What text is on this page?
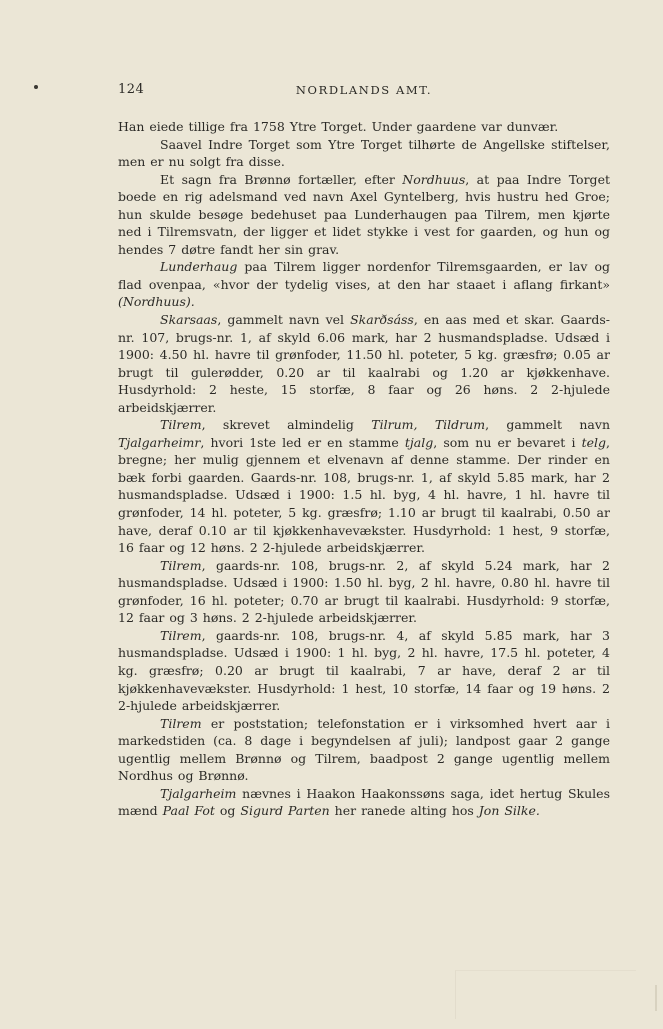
124	NORDLANDS AMT.

Han eiede tillige fra 1758 Ytre Torget. Under gaardene var dunvær.

Saavel Indre Torget som Ytre Torget tilhørte de Angellske stiftelser, men er nu solgt fra disse.

Et sagn fra Brønnø fortæller, efter Nordhuus, at paa Indre Torget boede en rig adelsmand ved navn Axel Gyntelberg, hvis hustru hed Groe; hun skulde besøge bedehuset paa Lunderhaugen paa Tilrem, men kjørte ned i Tilremsvatn, der ligger et lidet stykke i vest for gaarden, og hun og hendes 7 døtre fandt her sin grav.

Lunderhaug paa Tilrem ligger nordenfor Tilremsgaarden, er lav og flad ovenpaa, «hvor der tydelig vises, at den har staaet i aflang firkant» (Nordhuus).

Skarsaas, gammelt navn vel Skarðsáss, en aas med et skar. Gaards-nr. 107, brugs-nr. 1, af skyld 6.06 mark, har 2 husmandspladse. Udsæd i 1900: 4.50 hl. havre til grønfoder, 11.50 hl. poteter, 5 kg. græsfrø; 0.05 ar brugt til gulerødder, 0.20 ar til kaalrabi og 1.20 ar kjøkkenhave. Husdyrhold: 2 heste, 15 storfæ, 8 faar og 26 høns. 2 2-hjulede arbeidskjærrer.

Tilrem, skrevet almindelig Tilrum, Tildrum, gammelt navn Tjalgarheimr, hvori 1ste led er en stamme tjalg, som nu er bevaret i telg, bregne; her mulig gjennem et elvenavn af denne stamme. Der rinder en bæk forbi gaarden. Gaards-nr. 108, brugs-nr. 1, af skyld 5.85 mark, har 2 husmandspladse. Udsæd i 1900: 1.5 hl. byg, 4 hl. havre, 1 hl. havre til grønfoder, 14 hl. poteter, 5 kg. græsfrø; 1.10 ar brugt til kaalrabi, 0.50 ar have, deraf 0.10 ar til kjøkkenhavevækster. Husdyrhold: 1 hest, 9 storfæ, 16 faar og 12 høns. 2 2-hjulede arbeidskjærrer.

Tilrem, gaards-nr. 108, brugs-nr. 2, af skyld 5.24 mark, har 2 husmandspladse. Udsæd i 1900: 1.50 hl. byg, 2 hl. havre, 0.80 hl. havre til grønfoder, 16 hl. poteter; 0.70 ar brugt til kaalrabi. Husdyrhold: 9 storfæ, 12 faar og 3 høns. 2 2-hjulede arbeidskjærrer.

Tilrem, gaards-nr. 108, brugs-nr. 4, af skyld 5.85 mark, har 3 husmandspladse. Udsæd i 1900: 1 hl. byg, 2 hl. havre, 17.5 hl. poteter, 4 kg. græsfrø; 0.20 ar brugt til kaalrabi, 7 ar have, deraf 2 ar til kjøkkenhavevækster. Husdyrhold: 1 hest, 10 storfæ, 14 faar og 19 høns. 2 2-hjulede arbeidskjærrer.

Tilrem er poststation; telefonstation er i virksomhed hvert aar i markedstiden (ca. 8 dage i begyndelsen af juli); landpost gaar 2 gange ugentlig mellem Brønnø og Tilrem, baadpost 2 gange ugentlig mellem Nordhus og Brønnø.

Tjalgarheim nævnes i Haakon Haakonssøns saga, idet hertug Skules mænd Paal Fot og Sigurd Parten her ranede alting hos Jon Silke.
